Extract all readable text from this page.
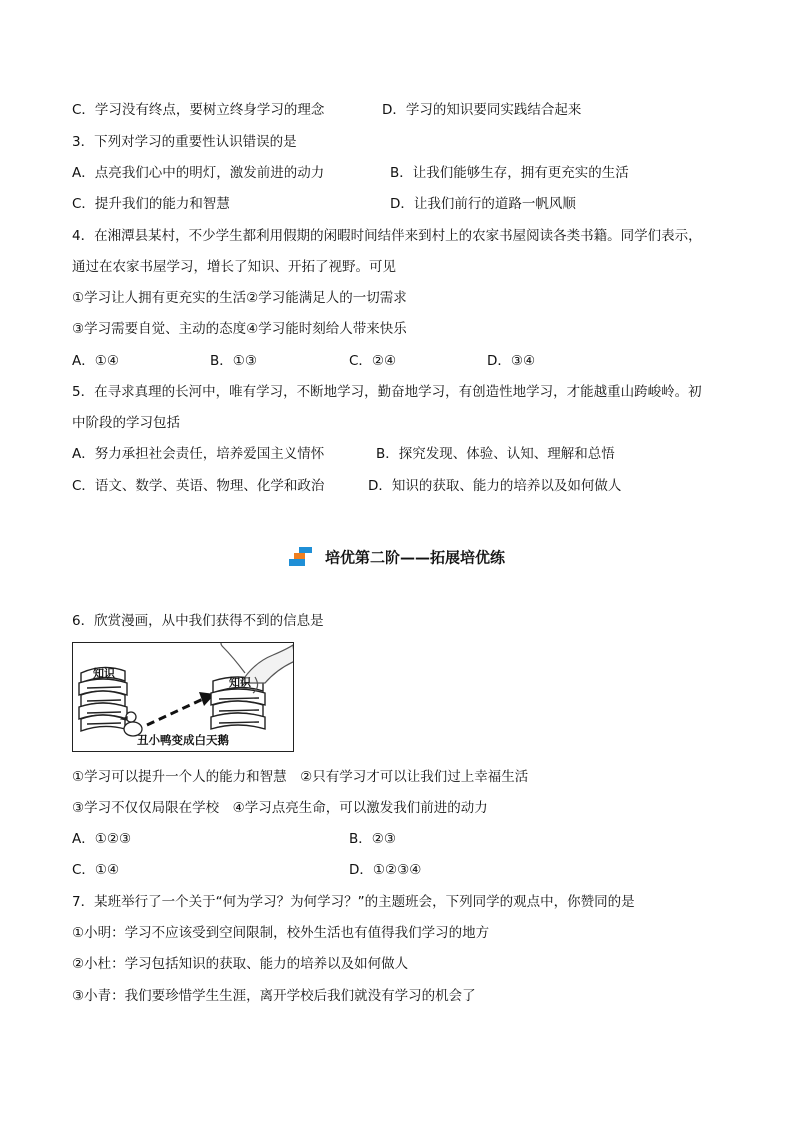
C．学习没有终点，要树立终身学习的理念	D．学习的知识要同实践结合起来
3．下列对学习的重要性认识错误的是
A．点亮我们心中的明灯，激发前进的动力	B．让我们能够生存，拥有更充实的生活
C．提升我们的能力和智慧	D．让我们前行的道路一帆风顺
4．在湘潭县某村，不少学生都利用假期的闲暇时间结伴来到村上的农家书屋阅读各类书籍。同学们表示，
通过在农家书屋学习，增长了知识、开拓了视野。可见
①学习让人拥有更充实的生活②学习能满足人的一切需求
③学习需要自觉、主动的态度④学习能时刻给人带来快乐
A．①④	B．①③	C．②④	D．③④
5．在寻求真理的长河中，唯有学习，不断地学习，勤奋地学习，有创造性地学习，才能越重山跨峻岭。初
中阶段的学习包括
A．努力承担社会责任，培养爱国主义情怀	B．探究发现、体验、认知、理解和总悟
C．语文、数学、英语、物理、化学和政治	D．知识的获取、能力的培养以及如何做人
6．欣赏漫画，从中我们获得不到的信息是
①学习可以提升一个人的能力和智慧　②只有学习才可以让我们过上幸福生活
③学习不仅仅局限在学校　④学习点亮生命，可以激发我们前进的动力
A．①②③	B．②③
C．①④	D．①②③④
7．某班举行了一个关于“何为学习？为何学习？”的主题班会，下列同学的观点中，你赞同的是
①小明：学习不应该受到空间限制，校外生活也有值得我们学习的地方
②小杜：学习包括知识的获取、能力的培养以及如何做人
③小青：我们要珍惜学生生涯，离开学校后我们就没有学习的机会了
培优第二阶——拓展培优练
知识
知识
丑小鸭变成白天鹅
